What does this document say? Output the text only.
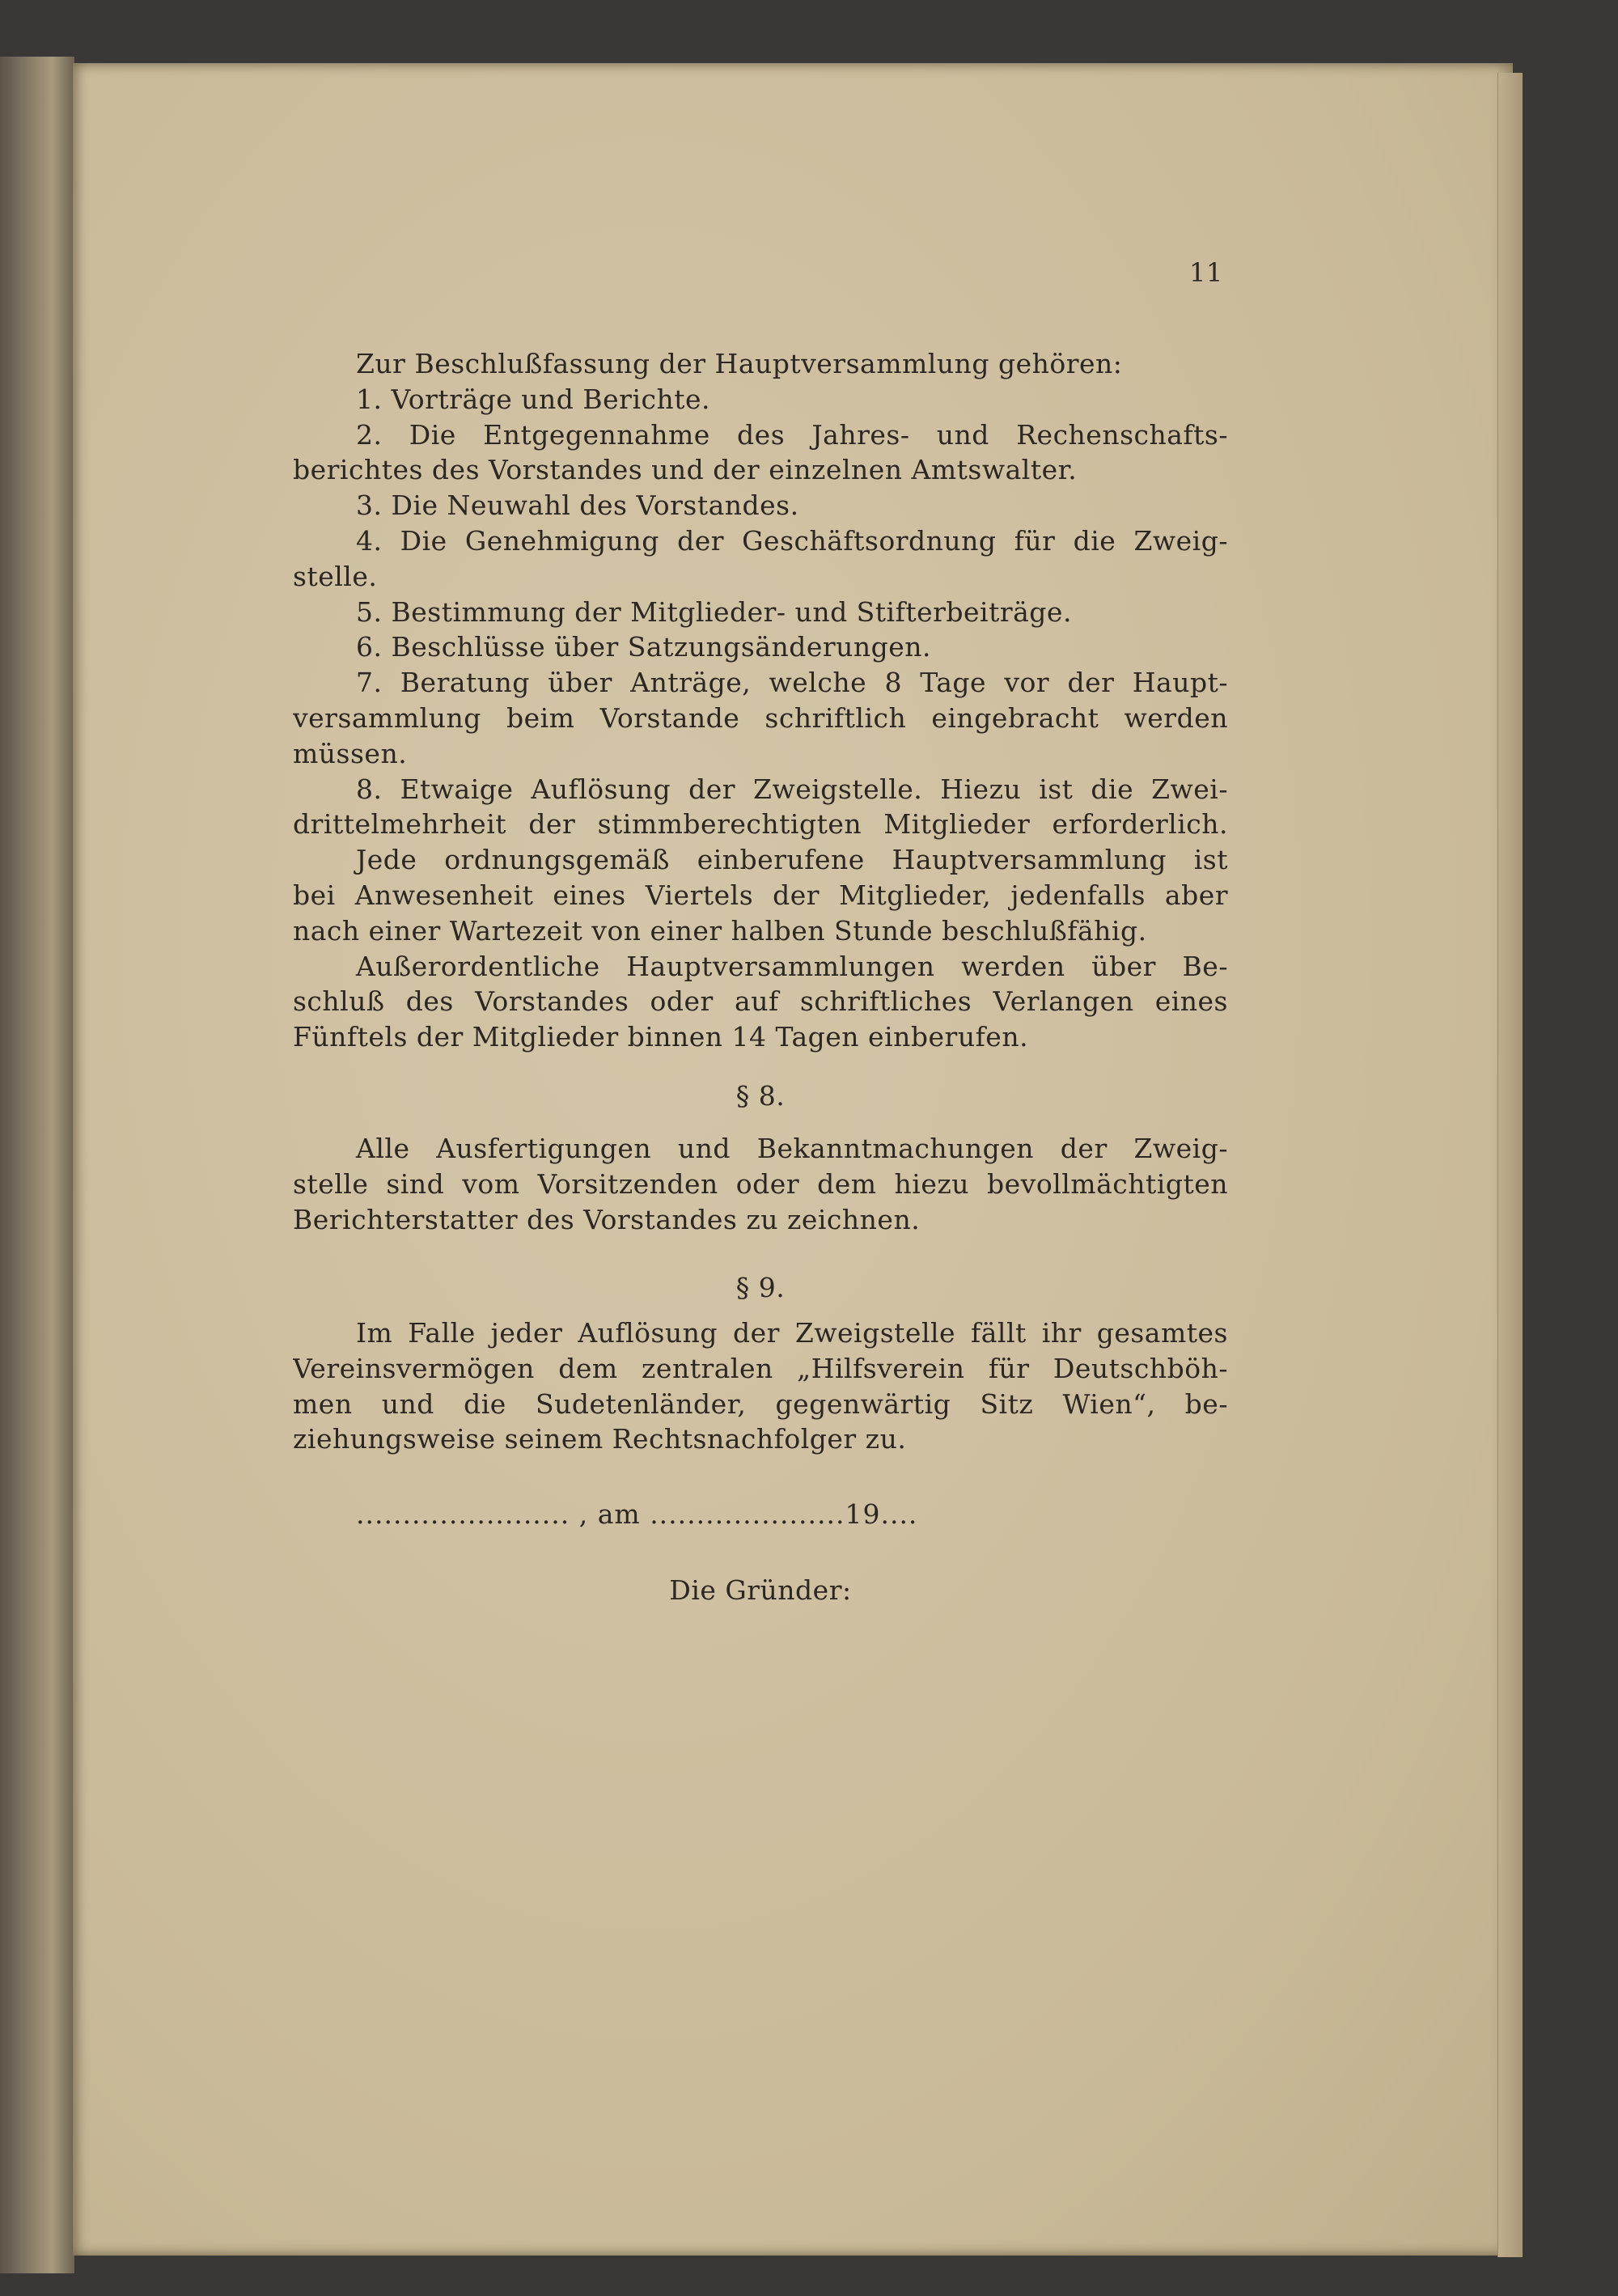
11
Zur Beschlußfassung der Hauptversammlung gehören:
1. Vorträge und Berichte.
2. Die Entgegennahme des Jahres- und Rechenschafts-
berichtes des Vorstandes und der einzelnen Amtswalter.
3. Die Neuwahl des Vorstandes.
4. Die Genehmigung der Geschäftsordnung für die Zweig-
stelle.
5. Bestimmung der Mitglieder- und Stifterbeiträge.
6. Beschlüsse über Satzungsänderungen.
7. Beratung über Anträge, welche 8 Tage vor der Haupt-
versammlung beim Vorstande schriftlich eingebracht werden
müssen.
8. Etwaige Auflösung der Zweigstelle. Hiezu ist die Zwei-
drittelmehrheit der stimmberechtigten Mitglieder erforderlich.
Jede ordnungsgemäß einberufene Hauptversammlung ist
bei Anwesenheit eines Viertels der Mitglieder, jedenfalls aber
nach einer Wartezeit von einer halben Stunde beschlußfähig.
Außerordentliche Hauptversammlungen werden über Be-
schluß des Vorstandes oder auf schriftliches Verlangen eines
Fünftels der Mitglieder binnen 14 Tagen einberufen.
§ 8.
Alle Ausfertigungen und Bekanntmachungen der Zweig-
stelle sind vom Vorsitzenden oder dem hiezu bevollmächtigten
Berichterstatter des Vorstandes zu zeichnen.
§ 9.
Im Falle jeder Auflösung der Zweigstelle fällt ihr gesamtes
Vereinsvermögen dem zentralen „Hilfsverein für Deutschböh-
men und die Sudetenländer, gegenwärtig Sitz Wien“, be-
ziehungsweise seinem Rechtsnachfolger zu.
....................... , am .....................19....
Die Gründer:
